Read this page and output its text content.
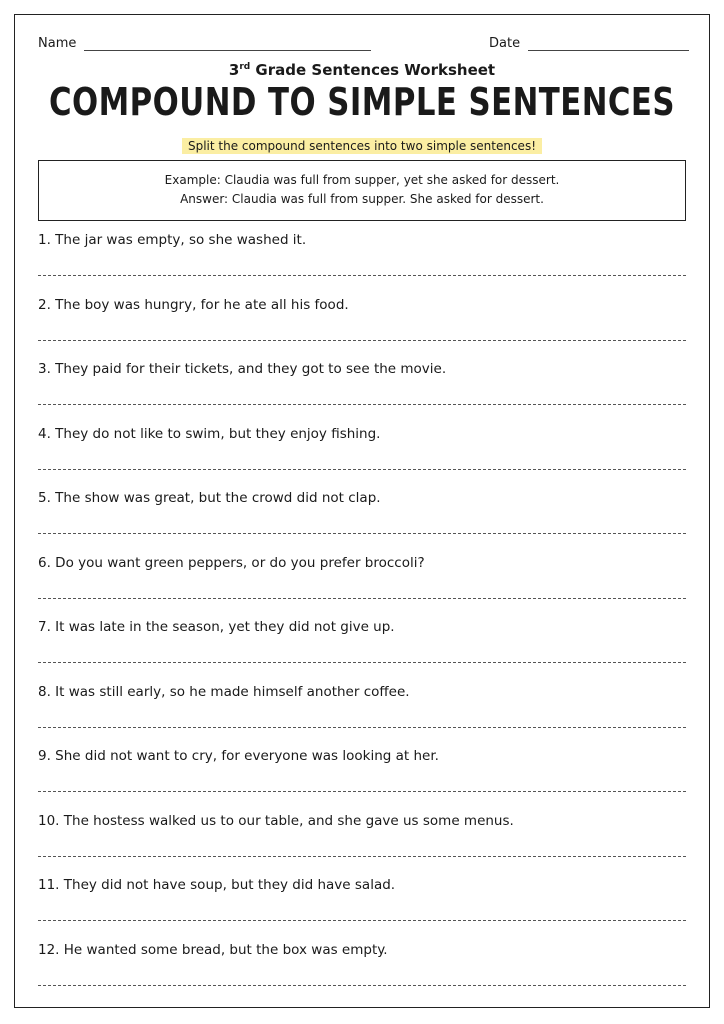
Name	Date
3rd Grade Sentences Worksheet
COMPOUND TO SIMPLE SENTENCES
Split the compound sentences into two simple sentences!
Example: Claudia was full from supper, yet she asked for dessert.
Answer: Claudia was full from supper. She asked for dessert.
1. The jar was empty, so she washed it.
2. The boy was hungry, for he ate all his food.
3. They paid for their tickets, and they got to see the movie.
4. They do not like to swim, but they enjoy fishing.
5. The show was great, but the crowd did not clap.
6. Do you want green peppers, or do you prefer broccoli?
7. It was late in the season, yet they did not give up.
8. It was still early, so he made himself another coffee.
9. She did not want to cry, for everyone was looking at her.
10. The hostess walked us to our table, and she gave us some menus.
11. They did not have soup, but they did have salad.
12. He wanted some bread, but the box was empty.
